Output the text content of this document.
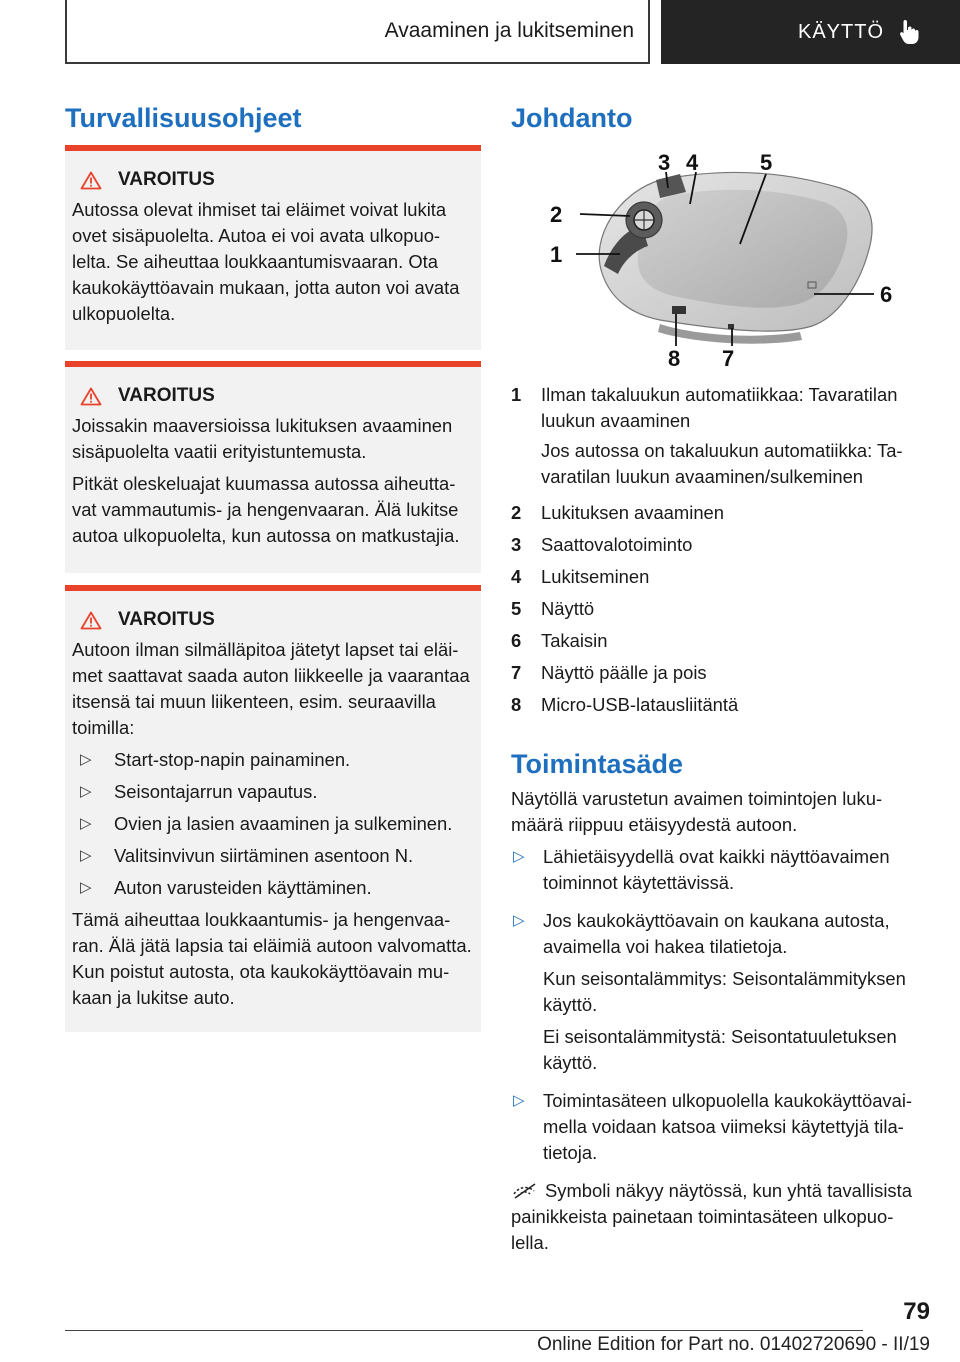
Avaaminen ja lukitseminen	KÄYTTÖ
Turvallisuusohjeet
VAROITUS

Autossa olevat ihmiset tai eläimet voivat lukita ovet sisäpuolelta. Autoa ei voi avata ulkopuo-lelta. Se aiheuttaa loukkaantumisvaaran. Ota kaukokäyttöavain mukaan, jotta auton voi avata ulkopuolelta.

VAROITUS

Joissakin maaversioissa lukituksen avaaminen sisäpuolelta vaatii erityistuntemusta.

Pitkät oleskeluajat kuumassa autossa aiheutta-vat vammautumis- ja hengenvaaran. Älä lukitse autoa ulkopuolelta, kun autossa on matkustajia.

VAROITUS

Autoon ilman silmälläpitoa jätetyt lapset tai eläi-met saattavat saada auton liikkeelle ja vaarantaa itsensä tai muun liikenteen, esim. seuraavilla toimilla:

▷	Start-stop-napin painaminen.
▷	Seisontajarrun vapautus.
▷	Ovien ja lasien avaaminen ja sulkeminen.
▷	Valitsinvivun siirtäminen asentoon N.
▷	Auton varusteiden käyttäminen.

Tämä aiheuttaa loukkaantumis- ja hengenvaa-ran. Älä jätä lapsia tai eläimiä autoon valvomatta. Kun poistut autosta, ota kaukokäyttöavain mu-kaan ja lukitse auto.

Johdanto
1
2
3 4	5
6
7
8
1	Ilman takaluukun automatiikkaa: Tavaratilan luukun avaaminen

Jos autossa on takaluukun automatiikka: Ta-varatilan luukun avaaminen/sulkeminen

2	Lukituksen avaaminen
3	Saattovalotoiminto
4	Lukitseminen
5	Näyttö
6	Takaisin
7	Näyttö päälle ja pois
8	Micro-USB-latausliitäntä
Toimintasäde

Näytöllä varustetun avaimen toimintojen luku-määrä riippuu etäisyydestä autoon.

▷	Lähietäisyydellä ovat kaikki näyttöavaimen toiminnot käytettävissä.

▷	Jos kaukokäyttöavain on kaukana autosta, avaimella voi hakea tilatietoja.

Kun seisontalämmitys: Seisontalämmityksen käyttö.

Ei seisontalämmitystä: Seisontatuuletuksen käyttö.

▷	Toimintasäteen ulkopuolella kaukokäyttöavai-mella voidaan katsoa viimeksi käytettyjä tila-tietoja.

Symboli näkyy näytössä, kun yhtä tavallisista painikkeista painetaan toimintasäteen ulkopuo-lella.

79
Online Edition for Part no. 01402720690 - II/19
